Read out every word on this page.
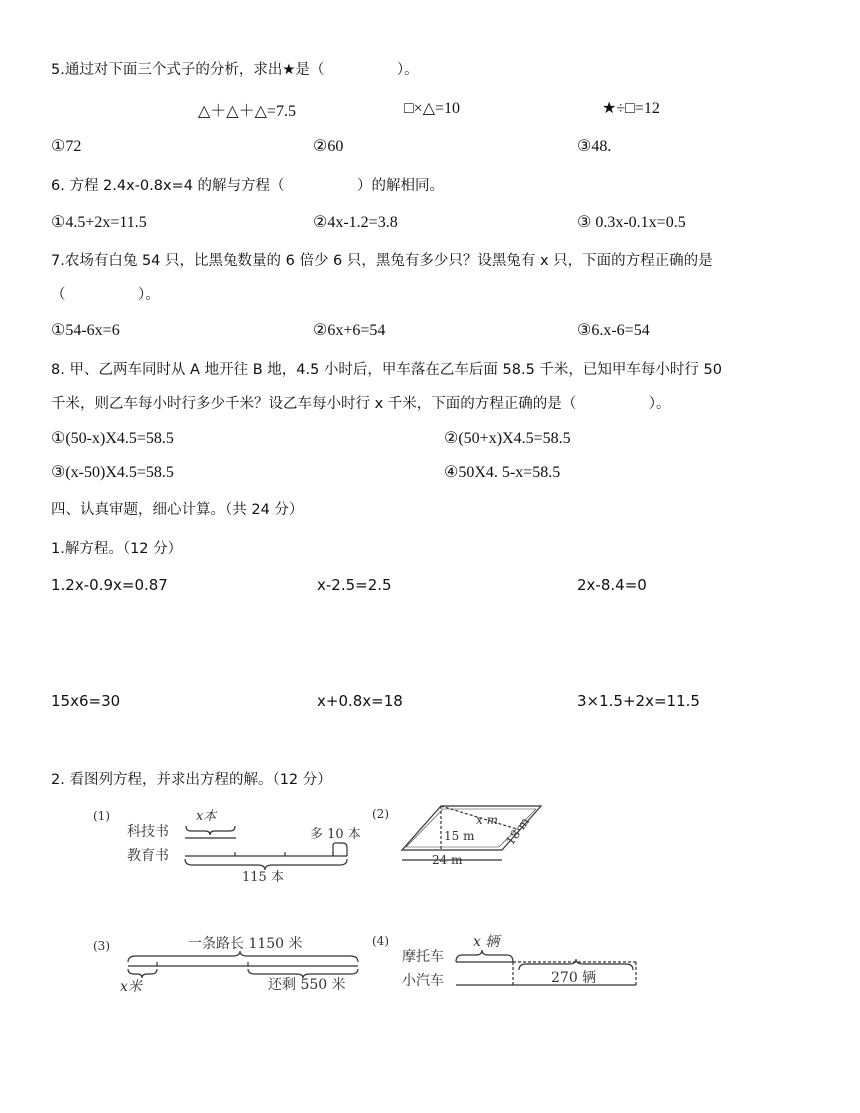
5.通过对下面三个式子的分析，求出★是（　　　　　）。
△＋△＋△=7.5	□×△=10	★÷□=12
①72	②60	③48.
6. 方程 2.4x-0.8x=4 的解与方程（　　　　　）的解相同。
①4.5+2x=11.5	②4x-1.2=3.8	③ 0.3x-0.1x=0.5
7.农场有白兔 54 只，比黑兔数量的 6 倍少 6 只，黑兔有多少只？设黑兔有 x 只，下面的方程正确的是
（　　　　　）。
①54-6x=6	②6x+6=54	③6.x-6=54
8. 甲、乙两车同时从 A 地开往 B 地，4.5 小时后，甲车落在乙车后面 58.5 千米，已知甲车每小时行 50
千米，则乙车每小时行多少千米？设乙车每小时行 x 千米，下面的方程正确的是（　　　　　）。
①(50-x)X4.5=58.5	②(50+x)X4.5=58.5
③(x-50)X4.5=58.5	④50X4. 5-x=58.5
四、认真审题，细心计算。（共 24 分）
1.解方程。（12 分）
1.2x-0.9x=0.87	x-2.5=2.5	2x-8.4=0
15x6=30	x+0.8x=18	3×1.5+2x=11.5
2. 看图列方程，并求出方程的解。（12 分）
(1)	x本
科技书	多 10 本
教育书
115 本
(2)
15 m
x m
24 m
18 m
(3)	一条路长 1150 米
x米	还剩 550 米
(4)	x 辆
摩托车
270 辆
小汽车
